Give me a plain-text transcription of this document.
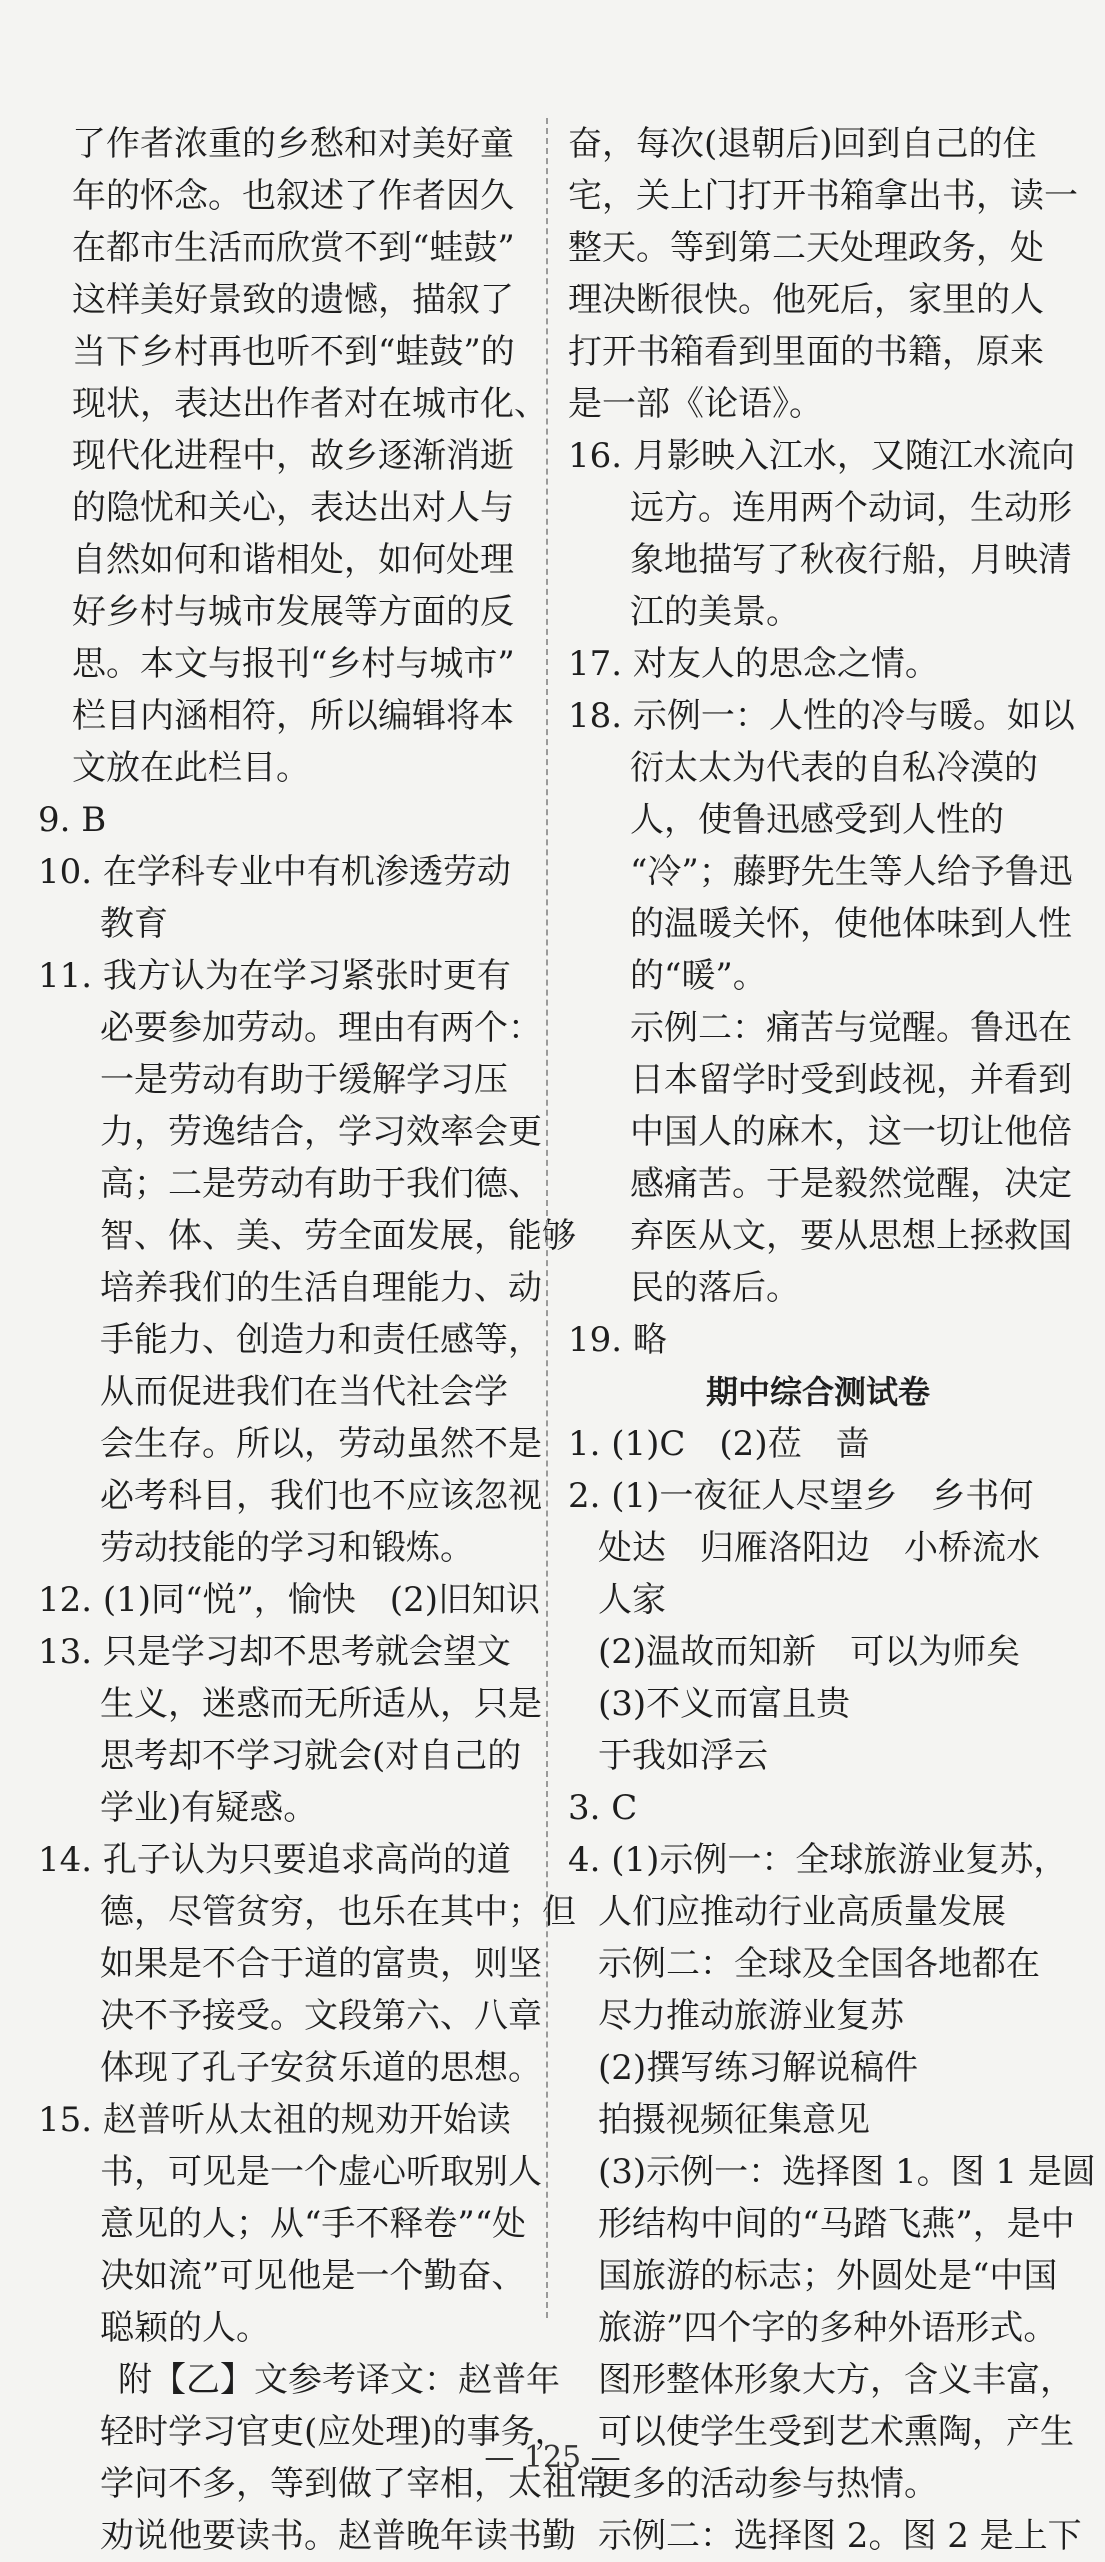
了作者浓重的乡愁和对美好童
年的怀念。也叙述了作者因久
在都市生活而欣赏不到“蛙鼓”
这样美好景致的遗憾，描叙了
当下乡村再也听不到“蛙鼓”的
现状，表达出作者对在城市化、
现代化进程中，故乡逐渐消逝
的隐忧和关心，表达出对人与
自然如何和谐相处，如何处理
好乡村与城市发展等方面的反
思。本文与报刊“乡村与城市”
栏目内涵相符，所以编辑将本
文放在此栏目。
9. B
10. 在学科专业中有机渗透劳动
教育
11. 我方认为在学习紧张时更有
必要参加劳动。理由有两个：
一是劳动有助于缓解学习压
力，劳逸结合，学习效率会更
高；二是劳动有助于我们德、
智、体、美、劳全面发展，能够
培养我们的生活自理能力、动
手能力、创造力和责任感等，
从而促进我们在当代社会学
会生存。所以，劳动虽然不是
必考科目，我们也不应该忽视
劳动技能的学习和锻炼。
12. (1)同“悦”，愉快　(2)旧知识
13. 只是学习却不思考就会望文
生义，迷惑而无所适从，只是
思考却不学习就会(对自己的
学业)有疑惑。
14. 孔子认为只要追求高尚的道
德，尽管贫穷，也乐在其中；但
如果是不合于道的富贵，则坚
决不予接受。文段第六、八章
体现了孔子安贫乐道的思想。
15. 赵普听从太祖的规劝开始读
书，可见是一个虚心听取别人
意见的人；从“手不释卷”“处
决如流”可见他是一个勤奋、
聪颖的人。
附【乙】文参考译文：赵普年
轻时学习官吏(应处理)的事务，
学问不多，等到做了宰相，太祖常
劝说他要读书。赵普晚年读书勤
奋，每次(退朝后)回到自己的住
宅，关上门打开书箱拿出书，读一
整天。等到第二天处理政务，处
理决断很快。他死后，家里的人
打开书箱看到里面的书籍，原来
是一部《论语》。
16. 月影映入江水，又随江水流向
远方。连用两个动词，生动形
象地描写了秋夜行船，月映清
江的美景。
17. 对友人的思念之情。
18. 示例一：人性的冷与暖。如以
衍太太为代表的自私冷漠的
人，使鲁迅感受到人性的
“冷”；藤野先生等人给予鲁迅
的温暖关怀，使他体味到人性
的“暖”。
示例二：痛苦与觉醒。鲁迅在
日本留学时受到歧视，并看到
中国人的麻木，这一切让他倍
感痛苦。于是毅然觉醒，决定
弃医从文，要从思想上拯救国
民的落后。
19. 略
期中综合测试卷
1. (1)C　(2)莅　啬
2. (1)一夜征人尽望乡　乡书何
处达　归雁洛阳边　小桥流水
人家
(2)温故而知新　可以为师矣
(3)不义而富且贵
于我如浮云
3. C
4. (1)示例一：全球旅游业复苏，
人们应推动行业高质量发展
示例二：全球及全国各地都在
尽力推动旅游业复苏
(2)撰写练习解说稿件
拍摄视频征集意见
(3)示例一：选择图 1。图 1 是圆
形结构中间的“马踏飞燕”，是中
国旅游的标志；外圆处是“中国
旅游”四个字的多种外语形式。
图形整体形象大方，含义丰富，
可以使学生受到艺术熏陶，产生
更多的活动参与热情。
示例二：选择图 2。图 2 是上下
— 125 —
